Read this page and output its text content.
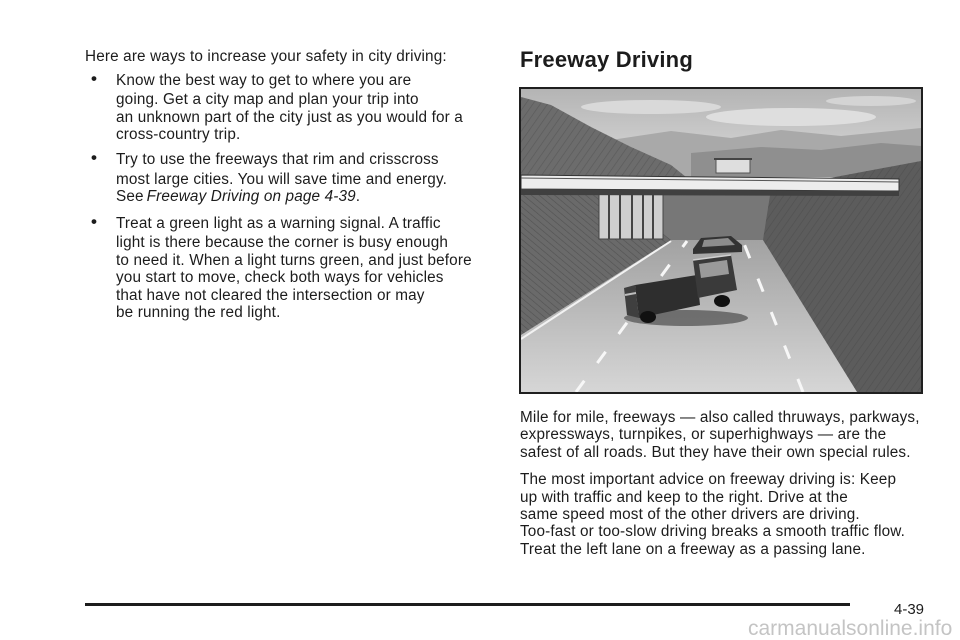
Here are ways to increase your safety in city driving:
• Know the best way to get to where you are
going. Get a city map and plan your trip into
an unknown part of the city just as you would for a
cross-country trip.
• Try to use the freeways that rim and crisscross
most large cities. You will save time and energy.
See Freeway Driving on page 4-39.
• Treat a green light as a warning signal. A traffic
light is there because the corner is busy enough
to need it. When a light turns green, and just before
you start to move, check both ways for vehicles
that have not cleared the intersection or may
be running the red light.
Freeway Driving
Mile for mile, freeways — also called thruways, parkways,
expressways, turnpikes, or superhighways — are the
safest of all roads. But they have their own special rules.
The most important advice on freeway driving is: Keep
up with traffic and keep to the right. Drive at the
same speed most of the other drivers are driving.
Too-fast or too-slow driving breaks a smooth traffic flow.
Treat the left lane on a freeway as a passing lane.
4-39
carmanualsonline.info
